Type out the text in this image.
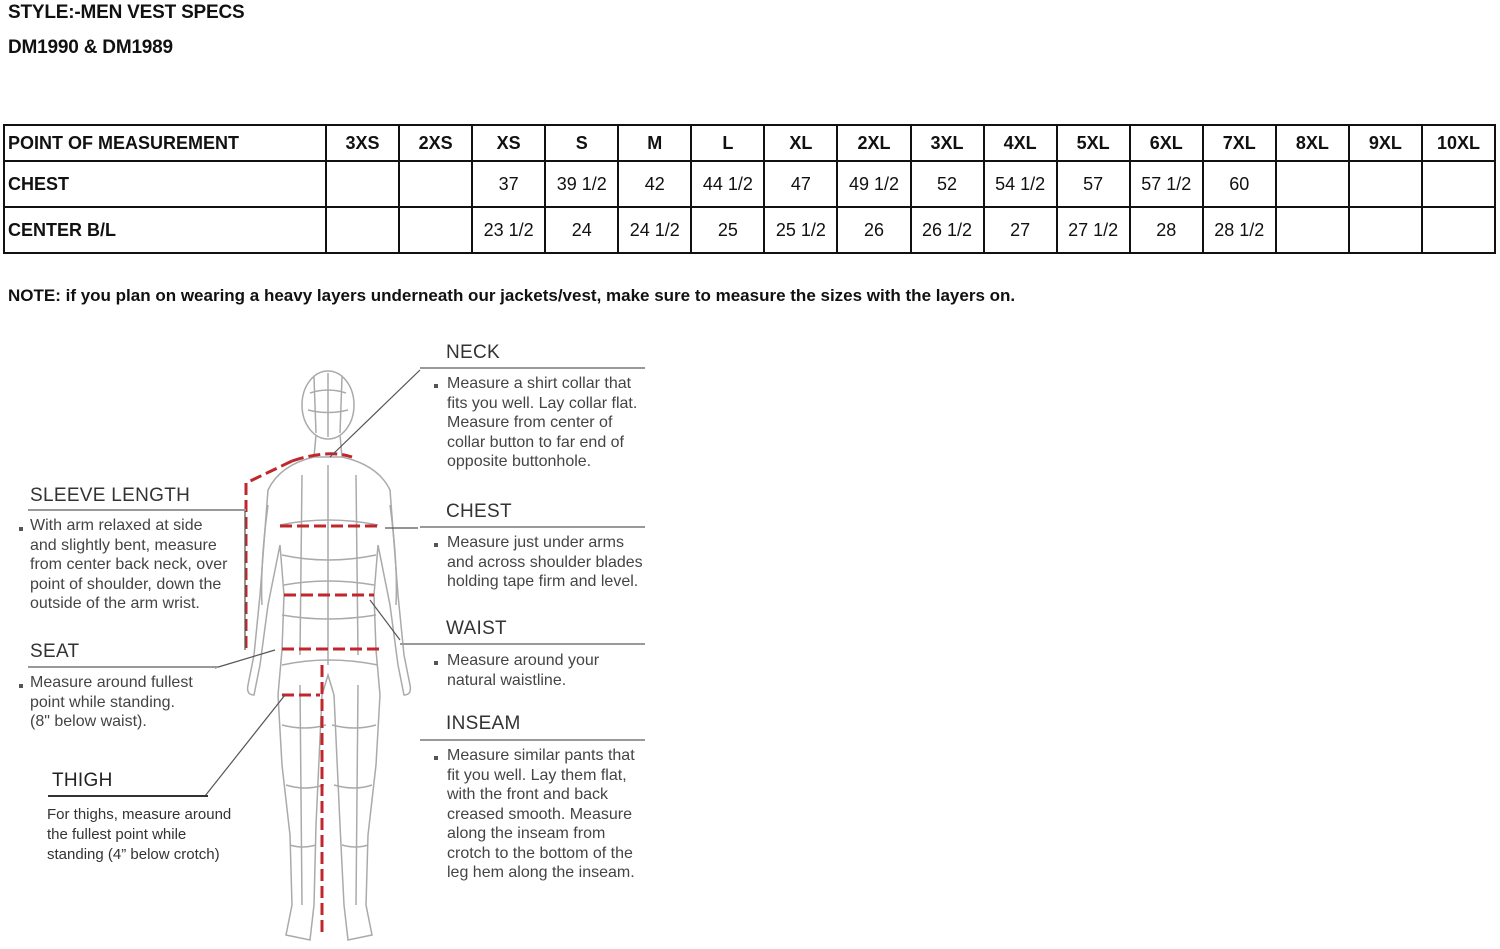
STYLE:-MEN VEST SPECS
DM1990 & DM1989
POINT OF MEASUREMENT	3XS	2XS	XS	S	M	L	XL	2XL	3XL	4XL	5XL	6XL	7XL	8XL	9XL	10XL
CHEST			37	39 1/2	42	44 1/2	47	49 1/2	52	54 1/2	57	57 1/2	60			
CENTER B/L			23 1/2	24	24 1/2	25	25 1/2	26	26 1/2	27	27 1/2	28	28 1/2			
NOTE: if you plan on wearing a heavy layers underneath our jackets/vest, make sure to measure the sizes with the layers on.
NECK
Measure a shirt collar that
fits you well. Lay collar flat.
Measure from center of
collar button to far end of
opposite buttonhole.
CHEST
Measure just under arms
and across shoulder blades
holding tape firm and level.
WAIST
Measure around your
natural waistline.
INSEAM
Measure similar pants that
fit you well. Lay them flat,
with the front and back
creased smooth. Measure
along the inseam from
crotch to the bottom of the
leg hem along the inseam.
SLEEVE LENGTH
With arm relaxed at side
and slightly bent, measure
from center back neck, over
point of shoulder, down the
outside of the arm wrist.
SEAT
Measure around fullest
point while standing.
(8" below waist).
THIGH
For thighs, measure around
the fullest point while
standing (4” below crotch)
